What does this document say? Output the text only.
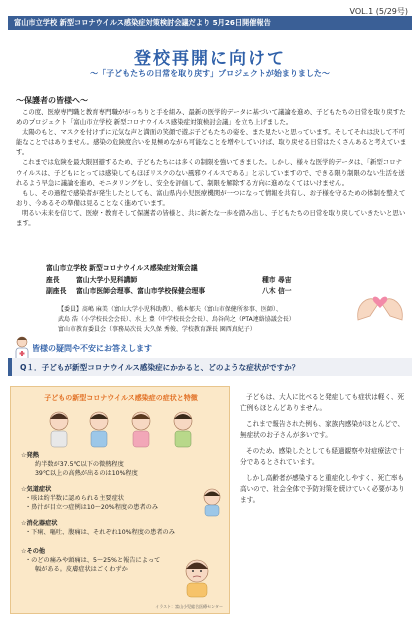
VOL.1 (5/29号)
富山市立学校 新型コロナウイルス感染症対策検討会議だより 5月26日開催報告
登校再開に向けて
～「子どもたちの日常を取り戻す」プロジェクトが始まりました～
～保護者の皆様へ～

この度、医療専門職と教育専門職ががっちりと手を組み、最新の医学的データに基づいて議論を進め、子どもたちの日常を取り戻すためのプロジェクト「富山市立学校 新型コロナウイルス感染症対策検討会議」を立ち上げました。

太陽のもと、マスクを付けずに元気な声と満面の笑顔で遊ぶ子どもたちの姿を、また見たいと思っています。そしてそれは決して不可能なことではありません。感染の危険度合いを見極めながら可能なことを増やしていけば、取り戻せる日常はたくさんあると考えています。

これまでは危険を最大限回避するため、子どもたちには多くの制限を強いてきました。しかし、様々な医学的データは、「新型コロナウイルスは、子どもにとっては感染してもほぼリスクのない風邪ウイルスである」と示していますので、できる限り制限のない生活を送れるよう早急に議論を進め、モニタリングをし、安全を評価して、制限を解除する方向に進めなくてはいけません。

もし、その過程で感染者が発生したとしても、富山県内小児医療機関が一つになって情報を共有し、お子様を守るための体制を整えており、今あるその準備は見ることなく進めています。

明るい未来を信じて、医療・教育そして保護者の皆様と、共に新たな一歩を踏み出し、子どもたちの日常を取り戻していきたいと思います。

富山市立学校 新型コロナウイルス感染症対策会議
座長	富山大学小児科講師	種市 尋宙
副座長	富山市医師会理事、富山市学校保健会理事	八木 信一
【委員】髙嶋 麻美（富山大学小児科助教）、橋本郁夫（富山市保健所参事、医師）、
武島 浩（小学校長会会長）、水上 豊（中学校長会会長）、鳥谷尚之（PTA連絡協議会長）
富山市教育委員会（事務局次長 大久保 秀俊、学校教育課長 園西真紀子）
皆様の疑問や不安にお答えします
Q１．子どもが新型コロナウイルス感染症にかかると、どのような症状がですか？
子どもの新型コロナウイルス感染症の症状と特徴
☆発熱
約半数が37.5℃以下の微熱程度
39℃以上の高熱が出るのは10%程度
☆気道症状
・咳は約半数に認められる主要症状
・鼻汁が目立つ症例は10～20%程度の患者のみ
☆消化器症状
・下痢、嘔吐、腹痛は、それぞれ10%程度の患者のみ
☆その他
・のどの痛みや頭痛は、5～25%と報告によって
幅がある。皮膚症状はごくわずか
イラスト：富山小児総合医療センター

子どもは、大人に比べると発症しても症状は軽く、死亡例もほとんどありません。

これまで報告された例も、家族内感染がほとんどで、無症状のお子さんが多いです。

そのため、感染したとしても経過観察や対症療法で十分であるとされています。

しかし高齢者が感染すると重症化しやすく、死亡率も高いので、社会全体で予防対策を続けていく必要があります。
